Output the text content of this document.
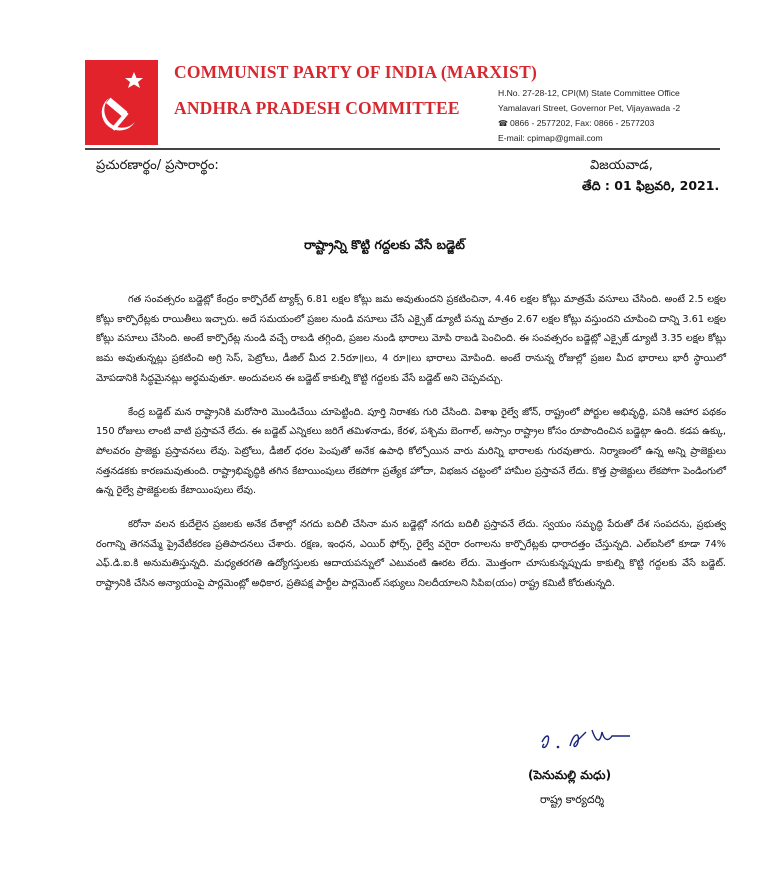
COMMUNIST PARTY OF INDIA (MARXIST)
ANDHRA PRADESH COMMITTEE
H.No. 27-28-12, CPI(M) State Committee Office
Yamalavari Street, Governor Pet, Vijayawada -2
☎ 0866 - 2577202, Fax: 0866 - 2577203
E-mail: cpimap@gmail.com
ప్రచురణార్థం/ ప్రసారార్థం:	విజయవాడ,
తేది : 01 ఫిబ్రవరి, 2021.
రాష్ట్రాన్ని కొట్టి గద్దలకు వేసే బడ్జెట్

గత సంవత్సరం బడ్జెట్లో కేంద్రం కార్పొరేట్ ట్యాక్స్ 6.81 లక్షల కోట్లు జమ అవుతుందని ప్రకటించినా, 4.46 లక్షల కోట్లు మాత్రమే వసూలు చేసింది. అంటే 2.5 లక్షల కోట్లు కార్పొరేట్లకు రాయితీలు ఇచ్చారు. అదే సమయంలో ప్రజల నుండి వసూలు చేసే ఎక్సైజ్ డ్యూటీ పన్ను మాత్రం 2.67 లక్షల కోట్లు వస్తుందని చూపించి దాన్ని 3.61 లక్షల కోట్లు వసూలు చేసింది. అంటే కార్పొరేట్ల నుండి వచ్చే రాబడి తగ్గింది, ప్రజల నుండి భారాలు మోపి రాబడి పెంచింది. ఈ సంవత్సరం బడ్జెట్లో ఎక్సైజ్ డ్యూటీ 3.35 లక్షల కోట్లు జమ అవుతున్నట్లు ప్రకటించి అగ్రి సెస్, పెట్రోలు, డీజిల్ మీద 2.5రూ॥లు, 4 రూ॥లు భారాలు మోపింది. అంటే రానున్న రోజుల్లో ప్రజల మీద భారాలు భారీ స్థాయిలో మోపడానికి సిద్ధమైనట్లు అర్థమవుతూ. అందువలన ఈ బడ్జెట్ కాకుల్ని కొట్టి గద్దలకు వేసే బడ్జెట్ అని చెప్పవచ్చు.

కేంద్ర బడ్జెట్ మన రాష్ట్రానికి మరోసారి మొండిచేయి చూపెట్టింది. పూర్తి నిరాశకు గురి చేసింది. విశాఖ రైల్వే జోన్, రాష్ట్రంలో పోర్టుల అభివృద్ధి, పనికి ఆహార పథకం 150 రోజులు లాంటి వాటి ప్రస్తావనే లేదు. ఈ బడ్జెట్ ఎన్నికలు జరిగే తమిళనాడు, కేరళ, పశ్చిమ బెంగాల్, అస్సాం రాష్ట్రాల కోసం రూపొందించిన బడ్జెట్గా ఉంది. కడప ఉక్కు, పోలవరం ప్రాజెక్టు ప్రస్తావనలు లేవు. పెట్రోలు, డీజిల్ ధరల పెంపుతో అనేక ఉపాధి కోల్పోయిన వారు మరిన్ని భారాలకు గురవుతారు. నిర్మాణంలో ఉన్న అన్ని ప్రాజెక్టులు నత్తనడకకు కారణమవుతుంది. రాష్ట్రాభివృద్ధికి తగిన కేటాయింపులు లేకపోగా ప్రత్యేక హోదా, విభజన చట్టంలో హామీల ప్రస్తావనే లేదు. కొత్త ప్రాజెక్టులు లేకపోగా పెండింగులో ఉన్న రైల్వే ప్రాజెక్టులకు కేటాయింపులు లేవు.

కరోనా వలన కుదేలైన ప్రజలకు అనేక దేశాల్లో నగదు బదిలీ చేసినా మన బడ్జెట్లో నగదు బదిలీ ప్రస్తావనే లేదు. స్వయం సమృద్ధి పేరుతో దేశ సంపదను, ప్రభుత్వ రంగాన్ని తెగనమ్మే ప్రైవేటీకరణ ప్రతిపాదనలు చేశారు. రక్షణ, ఇంధన, ఎయిర్ ఫోర్స్, రైల్వే వగైరా రంగాలను కార్పొరేట్లకు ధారాదత్తం చేస్తున్నది. ఎల్ఐసిలో కూడా 74% ఎఫ్.డి.ఐ.కి అనుమతిస్తున్నది. మధ్యతరగతి ఉద్యోగస్తులకు ఆదాయపన్నులో ఎటువంటి ఊరట లేదు. మొత్తంగా చూసుకున్నప్పుడు కాకుల్ని కొట్టి గద్దలకు వేసే బడ్జెట్. రాష్ట్రానికి చేసిన అన్యాయంపై పార్లమెంట్లో అధికార, ప్రతిపక్ష పార్టీల పార్లమెంట్ సభ్యులు నిలదీయాలని సిపిఐ(యం) రాష్ట్ర కమిటీ కోరుతున్నది.

(పెనుమల్లి మధు)
రాష్ట్ర కార్యదర్శి
